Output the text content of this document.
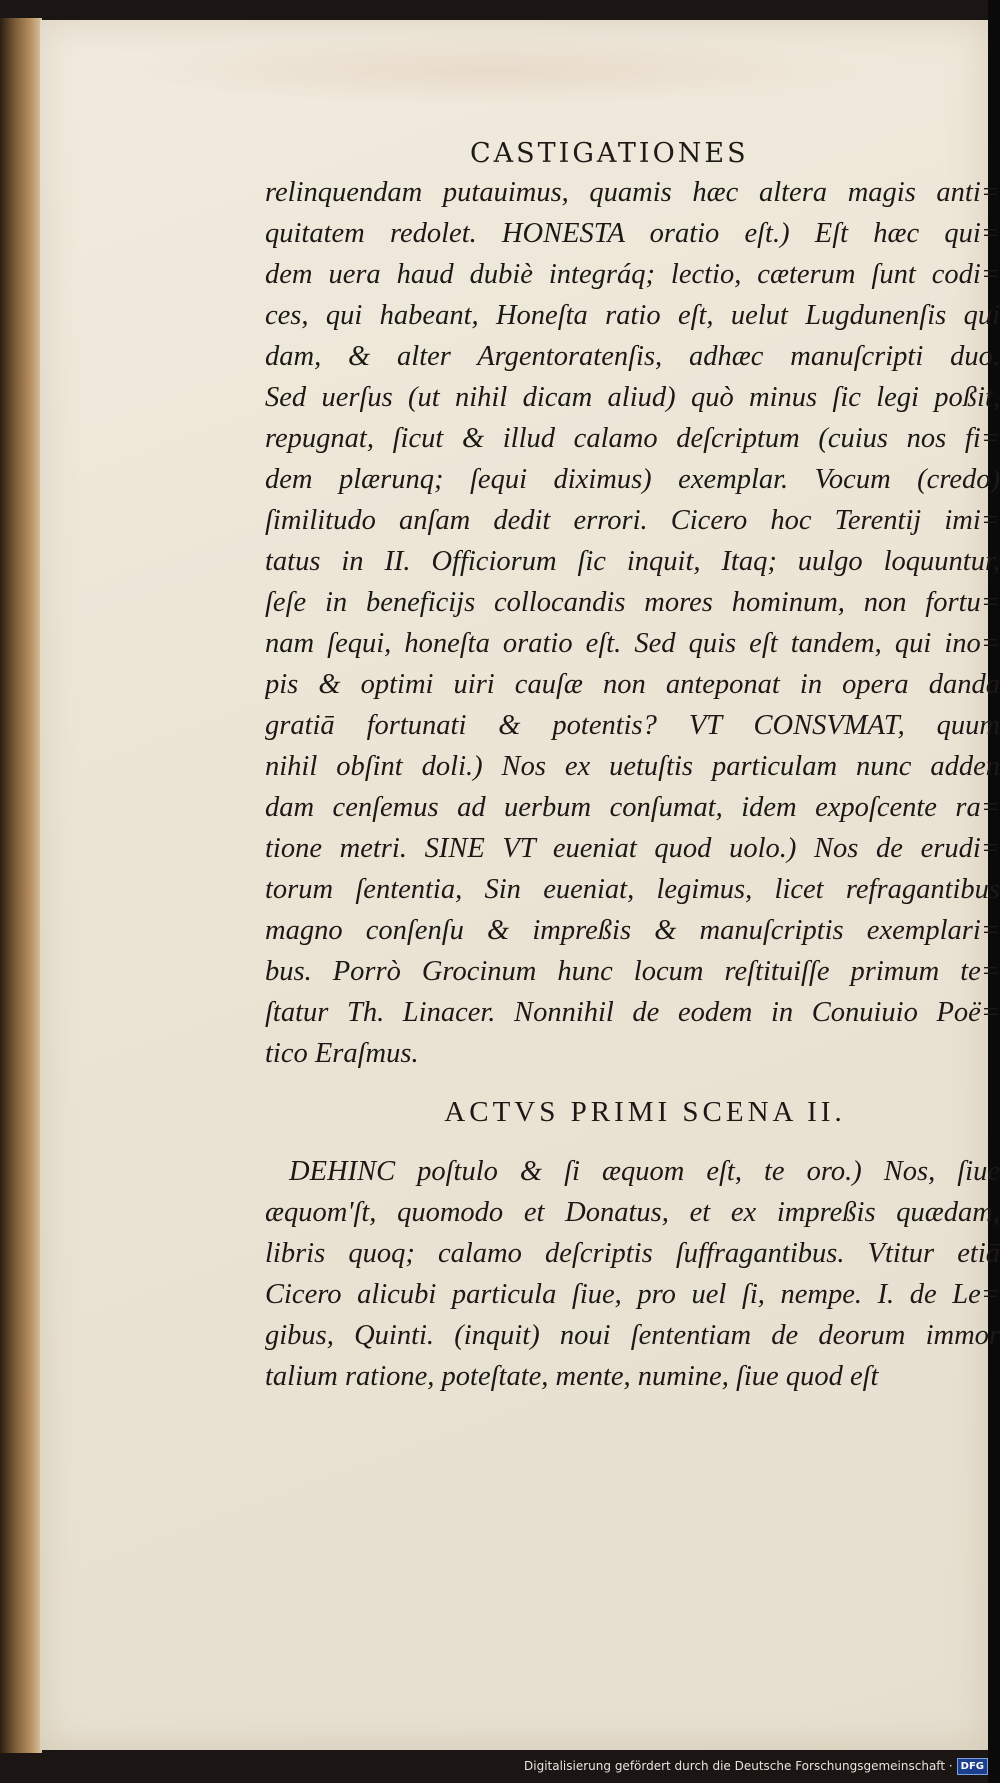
CASTIGATIONES
relinquendam putauimus, quamis hæc altera magis anti=
quitatem redolet. HONESTA oratio eſt.) Eſt hæc qui=
dem uera haud dubiè integráq; lectio, cæterum ſunt codi=
ces, qui habeant, Honeſta ratio eſt, uelut Lugdunenſis qui
dam, & alter Argentoratenſis, adhæc manuſcripti duo.
Sed uerſus (ut nihil dicam aliud) quò minus ſic legi poßit,
repugnat, ſicut & illud calamo deſcriptum (cuius nos fi=
dem plærunq; ſequi diximus) exemplar. Vocum (credo)
ſimilitudo anſam dedit errori. Cicero hoc Terentij imi=
tatus in II. Officiorum ſic inquit, Itaq; uulgo loquuntur,
ſeſe in beneficijs collocandis mores hominum, non fortu=
nam ſequi, honeſta oratio eſt. Sed quis eſt tandem, qui ino=
pis & optimi uiri cauſæ non anteponat in opera danda
gratiā fortunati & potentis? VT CONSVMAT, quum
nihil obſint doli.) Nos ex uetuſtis particulam nunc adden
dam cenſemus ad uerbum conſumat, idem expoſcente ra=
tione metri. SINE VT eueniat quod uolo.) Nos de erudi=
torum ſententia, Sin eueniat, legimus, licet refragantibus
magno conſenſu & impreßis & manuſcriptis exemplari=
bus. Porrò Grocinum hunc locum reſtituiſſe primum te=
ſtatur Th. Linacer. Nonnihil de eodem in Conuiuio Poë=
tico Eraſmus.
ACTVS PRIMI SCENA II.
DEHINC poſtulo & ſi æquom eſt, te oro.) Nos, ſiue
æquom'ſt, quomodo et Donatus, et ex impreßis quædam,
libris quoq; calamo deſcriptis ſuffragantibus. Vtitur etiā
Cicero alicubi particula ſiue, pro uel ſi, nempe. I. de Le=
gibus, Quinti. (inquit) noui ſententiam de deorum immor
talium ratione, poteſtate, mente, numine, ſiue quod eſt
Digitalisierung gefördert durch die Deutsche Forschungsgemeinschaft · DFG
